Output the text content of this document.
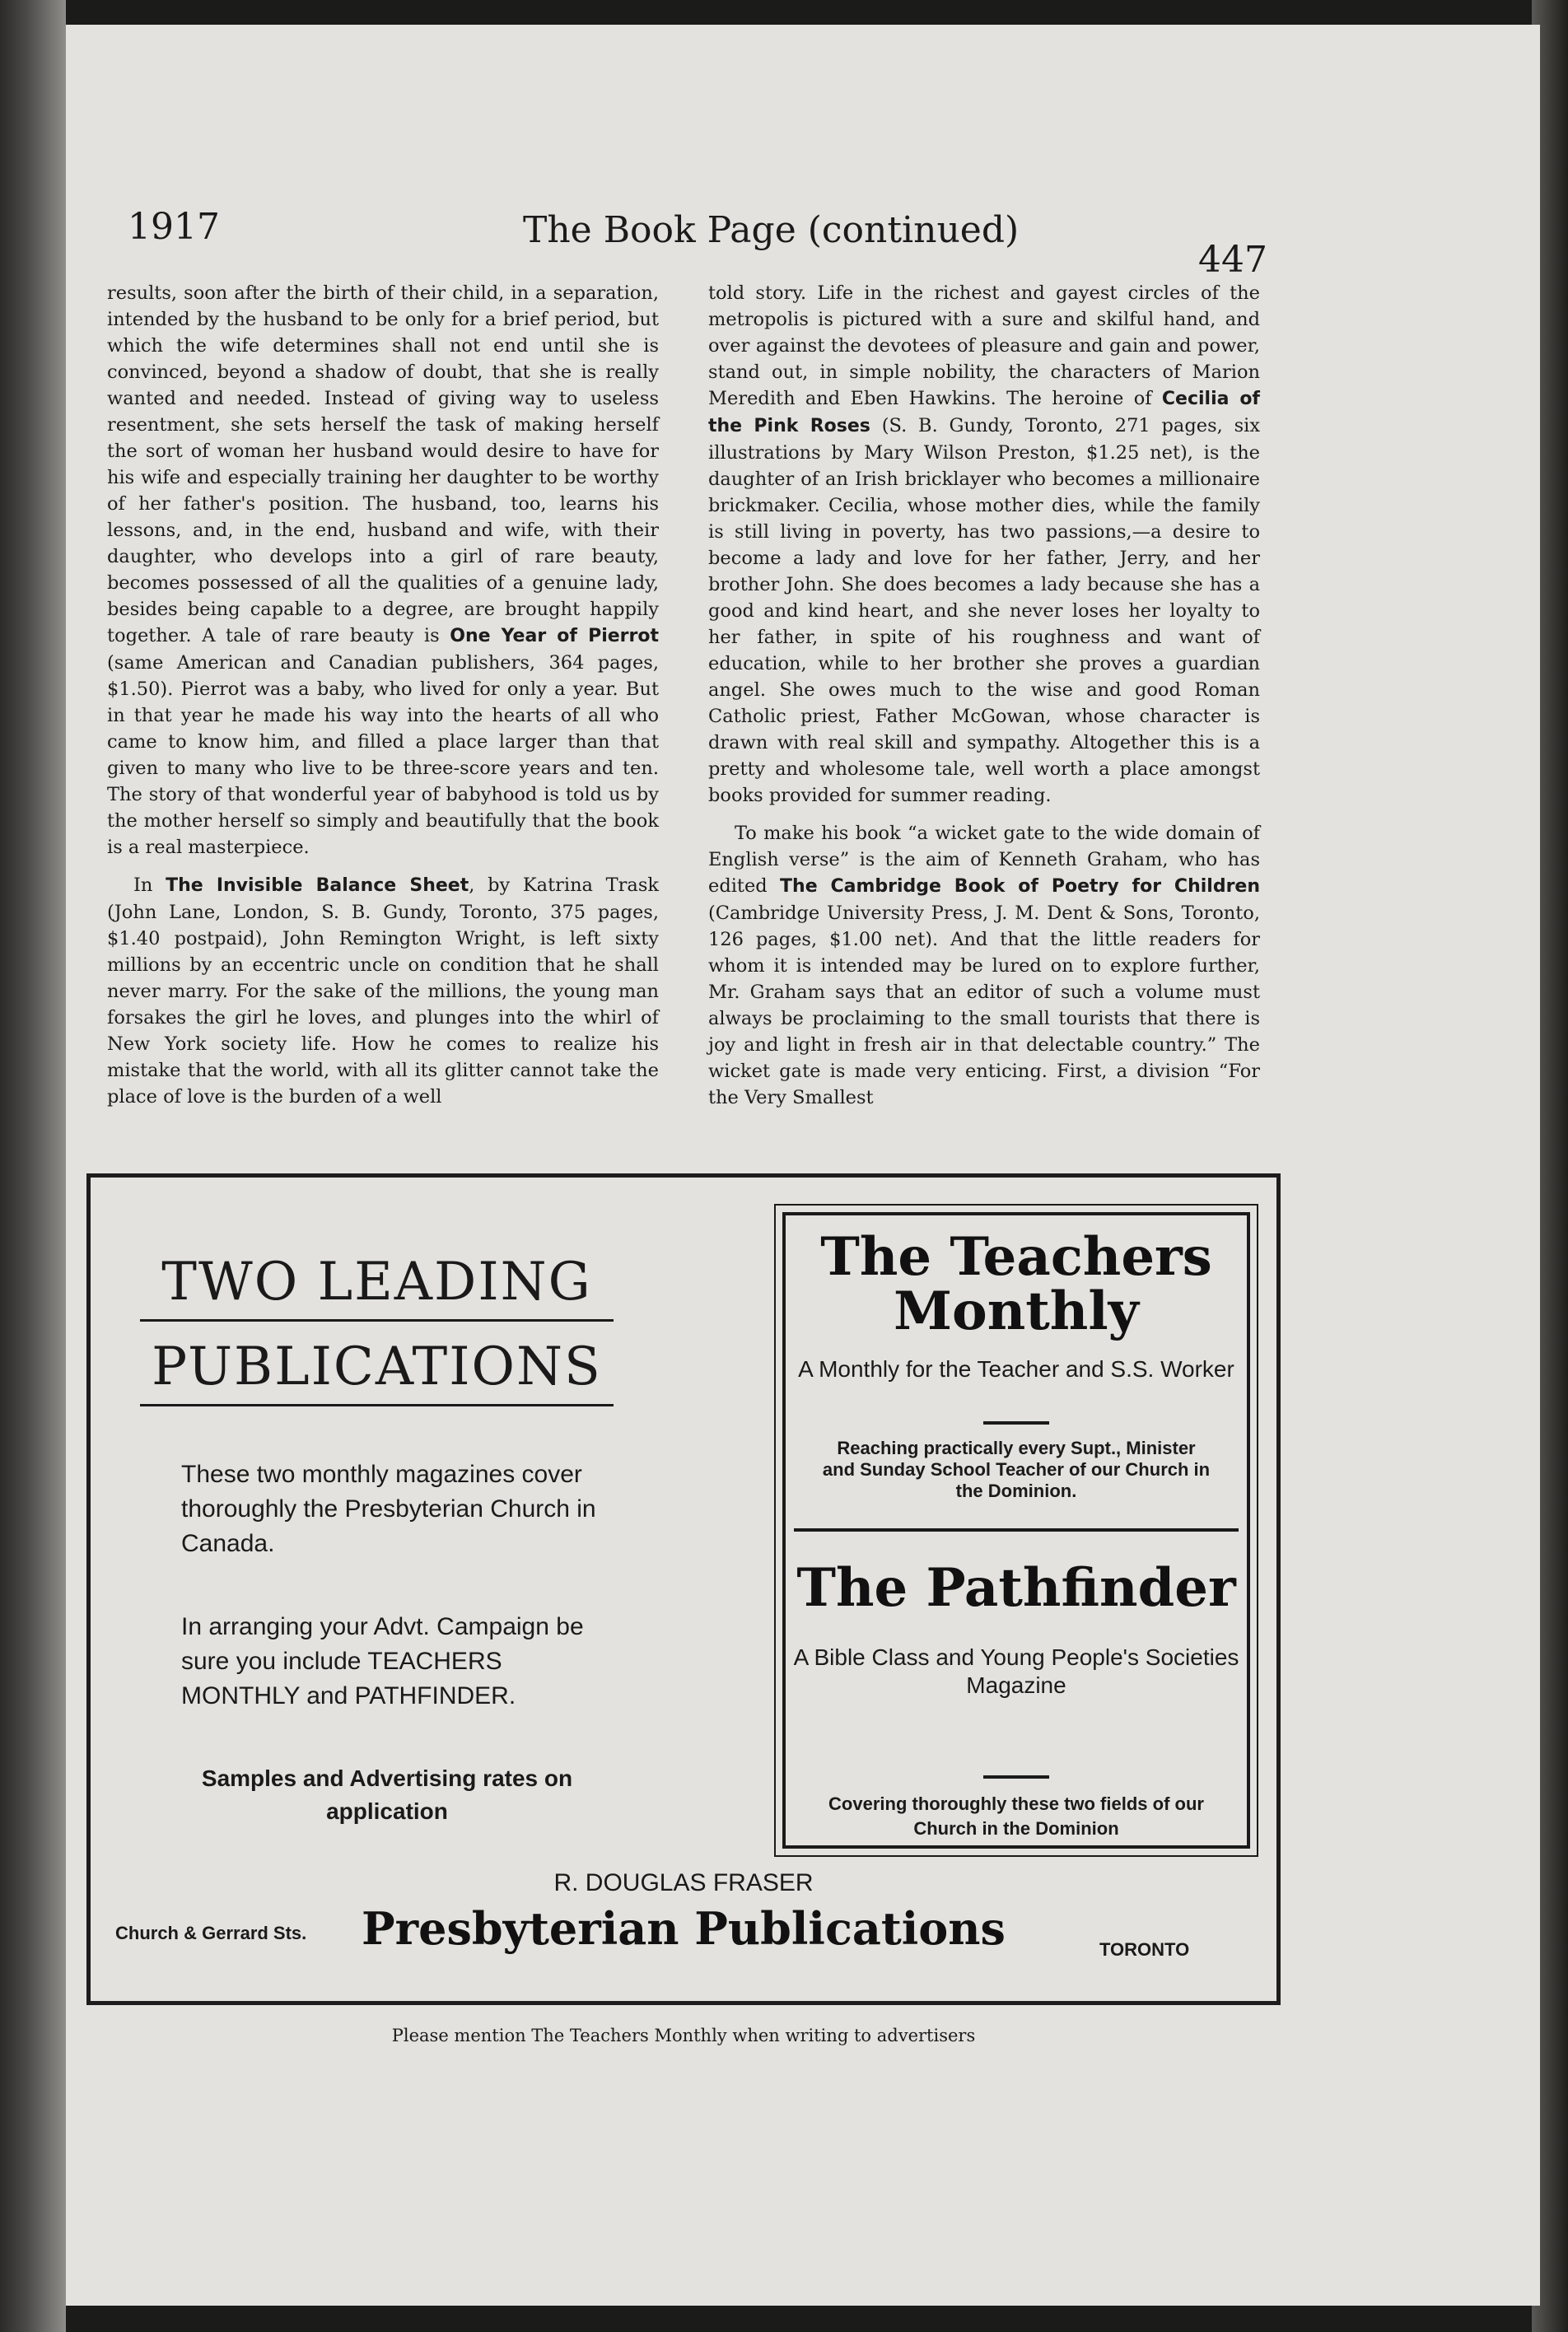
1917	The Book Page (continued)
447

results, soon after the birth of their child, in a separation, intended by the husband to be only for a brief period, but which the wife determines shall not end until she is convinced, beyond a shadow of doubt, that she is really wanted and needed. Instead of giving way to useless resentment, she sets herself the task of making herself the sort of woman her husband would desire to have for his wife and especially training her daughter to be worthy of her father's position. The husband, too, learns his lessons, and, in the end, husband and wife, with their daughter, who develops into a girl of rare beauty, becomes possessed of all the qualities of a genuine lady, besides being capable to a degree, are brought happily together. A tale of rare beauty is One Year of Pierrot (same American and Canadian publishers, 364 pages, $1.50). Pierrot was a baby, who lived for only a year. But in that year he made his way into the hearts of all who came to know him, and filled a place larger than that given to many who live to be three-score years and ten. The story of that wonderful year of babyhood is told us by the mother herself so simply and beautifully that the book is a real masterpiece.

In The Invisible Balance Sheet, by Katrina Trask (John Lane, London, S. B. Gundy, Toronto, 375 pages, $1.40 postpaid), John Remington Wright, is left sixty millions by an eccentric uncle on condition that he shall never marry. For the sake of the millions, the young man forsakes the girl he loves, and plunges into the whirl of New York society life. How he comes to realize his mistake that the world, with all its glitter cannot take the place of love is the burden of a well

told story. Life in the richest and gayest circles of the metropolis is pictured with a sure and skilful hand, and over against the devotees of pleasure and gain and power, stand out, in simple nobility, the characters of Marion Meredith and Eben Hawkins. The heroine of Cecilia of the Pink Roses (S. B. Gundy, Toronto, 271 pages, six illustrations by Mary Wilson Preston, $1.25 net), is the daughter of an Irish bricklayer who becomes a millionaire brickmaker. Cecilia, whose mother dies, while the family is still living in poverty, has two passions,—a desire to become a lady and love for her father, Jerry, and her brother John. She does becomes a lady because she has a good and kind heart, and she never loses her loyalty to her father, in spite of his roughness and want of education, while to her brother she proves a guardian angel. She owes much to the wise and good Roman Catholic priest, Father McGowan, whose character is drawn with real skill and sympathy. Altogether this is a pretty and wholesome tale, well worth a place amongst books provided for summer reading.

To make his book “a wicket gate to the wide domain of English verse” is the aim of Kenneth Graham, who has edited The Cambridge Book of Poetry for Children (Cambridge University Press, J. M. Dent & Sons, Toronto, 126 pages, $1.00 net). And that the little readers for whom it is intended may be lured on to explore further, Mr. Graham says that an editor of such a volume must always be proclaiming to the small tourists that there is joy and light in fresh air in that delectable country.” The wicket gate is made very enticing. First, a division “For the Very Smallest

TWO LEADING
PUBLICATIONS
These two monthly magazines cover thoroughly the Presbyterian Church in Canada.
In arranging your Advt. Campaign be sure you include TEACHERS MONTHLY and PATHFINDER.
Samples and Advertising rates on application
The Teachers Monthly
A Monthly for the Teacher and S.S. Worker
Reaching practically every Supt., Minister and Sunday School Teacher of our Church in the Dominion.
The Pathfinder
A Bible Class and Young People's Societies Magazine
Covering thoroughly these two fields of our Church in the Dominion
R. DOUGLAS FRASER
Church & Gerrard Sts.	Presbyterian Publications	TORONTO
Please mention The Teachers Monthly when writing to advertisers
